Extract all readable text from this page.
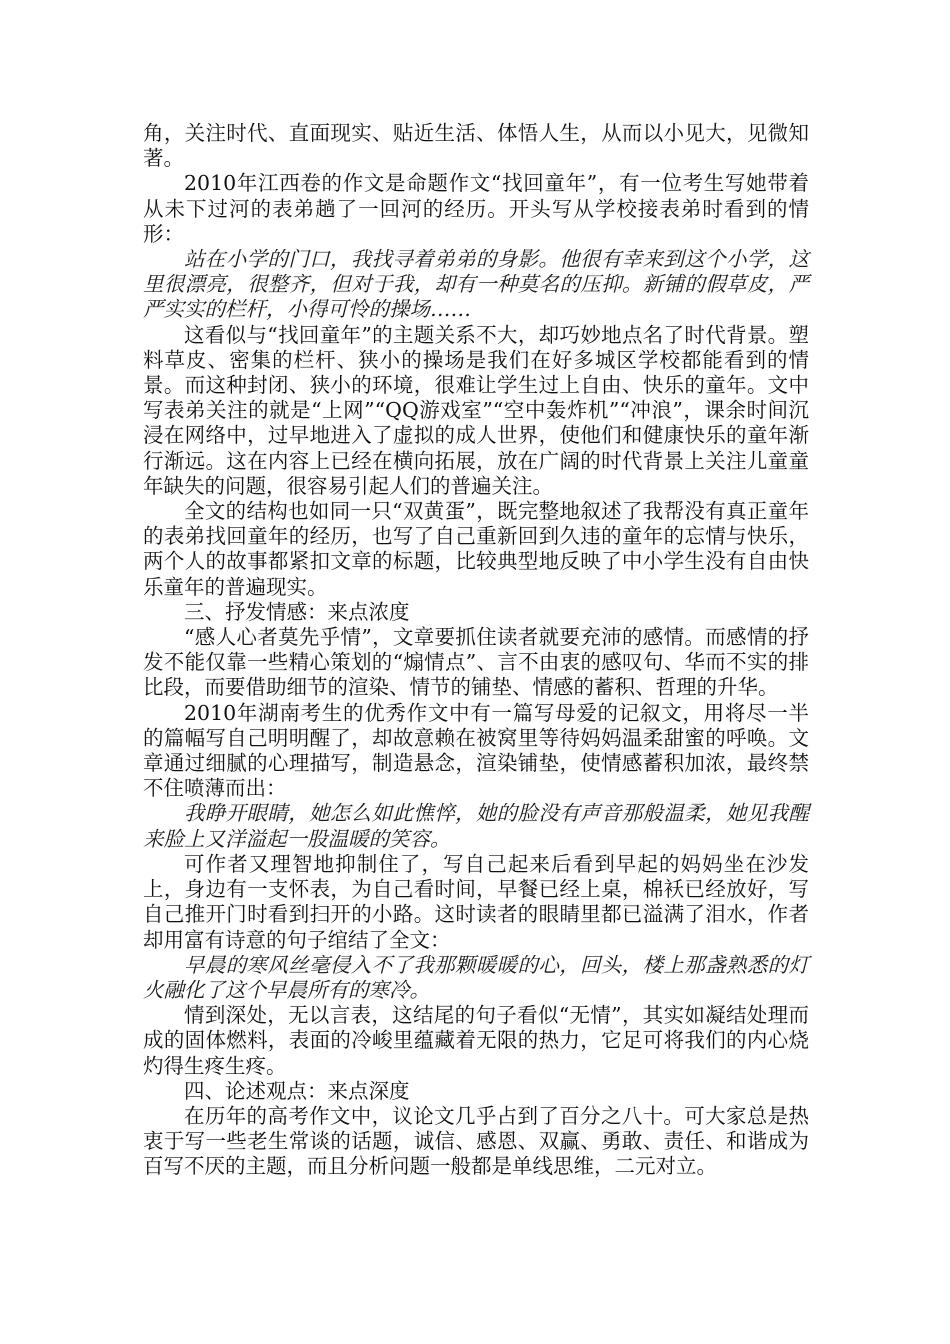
角，关注时代、直面现实、贴近生活、体悟人生，从而以小见大，见微知著。

2010年江西卷的作文是命题作文“找回童年”，有一位考生写她带着从未下过河的表弟趟了一回河的经历。开头写从学校接表弟时看到的情形：

站在小学的门口，我找寻着弟弟的身影。他很有幸来到这个小学，这里很漂亮，很整齐，但对于我，却有一种莫名的压抑。新铺的假草皮，严严实实的栏杆，小得可怜的操场……

这看似与“找回童年”的主题关系不大，却巧妙地点名了时代背景。塑料草皮、密集的栏杆、狭小的操场是我们在好多城区学校都能看到的情景。而这种封闭、狭小的环境，很难让学生过上自由、快乐的童年。文中写表弟关注的就是“上网”“QQ游戏室”“空中轰炸机”“冲浪”，课余时间沉浸在网络中，过早地进入了虚拟的成人世界，使他们和健康快乐的童年渐行渐远。这在内容上已经在横向拓展，放在广阔的时代背景上关注儿童童年缺失的问题，很容易引起人们的普遍关注。

全文的结构也如同一只“双黄蛋”，既完整地叙述了我帮没有真正童年的表弟找回童年的经历，也写了自己重新回到久违的童年的忘情与快乐，两个人的故事都紧扣文章的标题，比较典型地反映了中小学生没有自由快乐童年的普遍现实。

三、抒发情感：来点浓度

“感人心者莫先乎情”，文章要抓住读者就要充沛的感情。而感情的抒发不能仅靠一些精心策划的“煽情点”、言不由衷的感叹句、华而不实的排比段，而要借助细节的渲染、情节的铺垫、情感的蓄积、哲理的升华。

2010年湖南考生的优秀作文中有一篇写母爱的记叙文，用将尽一半的篇幅写自己明明醒了，却故意赖在被窝里等待妈妈温柔甜蜜的呼唤。文章通过细腻的心理描写，制造悬念，渲染铺垫，使情感蓄积加浓，最终禁不住喷薄而出：

我睁开眼睛，她怎么如此憔悴，她的脸没有声音那般温柔，她见我醒来脸上又洋溢起一股温暖的笑容。

可作者又理智地抑制住了，写自己起来后看到早起的妈妈坐在沙发上，身边有一支怀表，为自己看时间，早餐已经上桌，棉袄已经放好，写自己推开门时看到扫开的小路。这时读者的眼睛里都已溢满了泪水，作者却用富有诗意的句子绾结了全文：

早晨的寒风丝毫侵入不了我那颗暖暖的心，回头，楼上那盏熟悉的灯火融化了这个早晨所有的寒冷。

情到深处，无以言表，这结尾的句子看似“无情”，其实如凝结处理而成的固体燃料，表面的冷峻里蕴藏着无限的热力，它足可将我们的内心烧灼得生疼生疼。

四、论述观点：来点深度

在历年的高考作文中，议论文几乎占到了百分之八十。可大家总是热衷于写一些老生常谈的话题，诚信、感恩、双赢、勇敢、责任、和谐成为百写不厌的主题，而且分析问题一般都是单线思维，二元对立。
